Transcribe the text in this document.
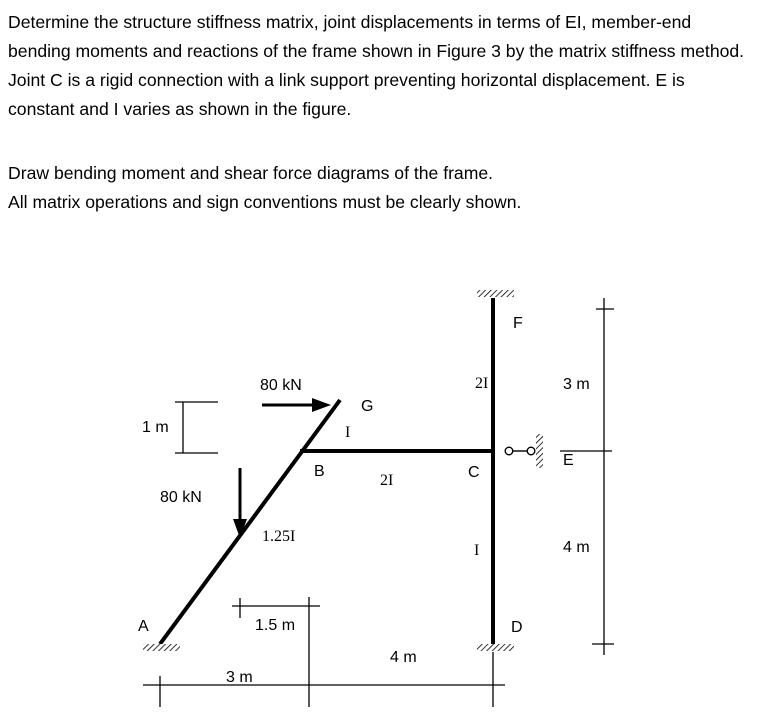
Determine the structure stiffness matrix, joint displacements in terms of EI, member-end bending moments and reactions of the frame shown in Figure 3 by the matrix stiffness method. Joint C is a rigid connection with a link support preventing horizontal displacement. E is constant and I varies as shown in the figure.

Draw bending moment and shear force diagrams of the frame.

All matrix operations and sign conventions must be clearly shown.

A
B	C
D
E
F
G
80 kN
80 kN
1.25I
I
2I
2I
I
1 m
1.5 m
3 m
4 m
3 m
4 m
